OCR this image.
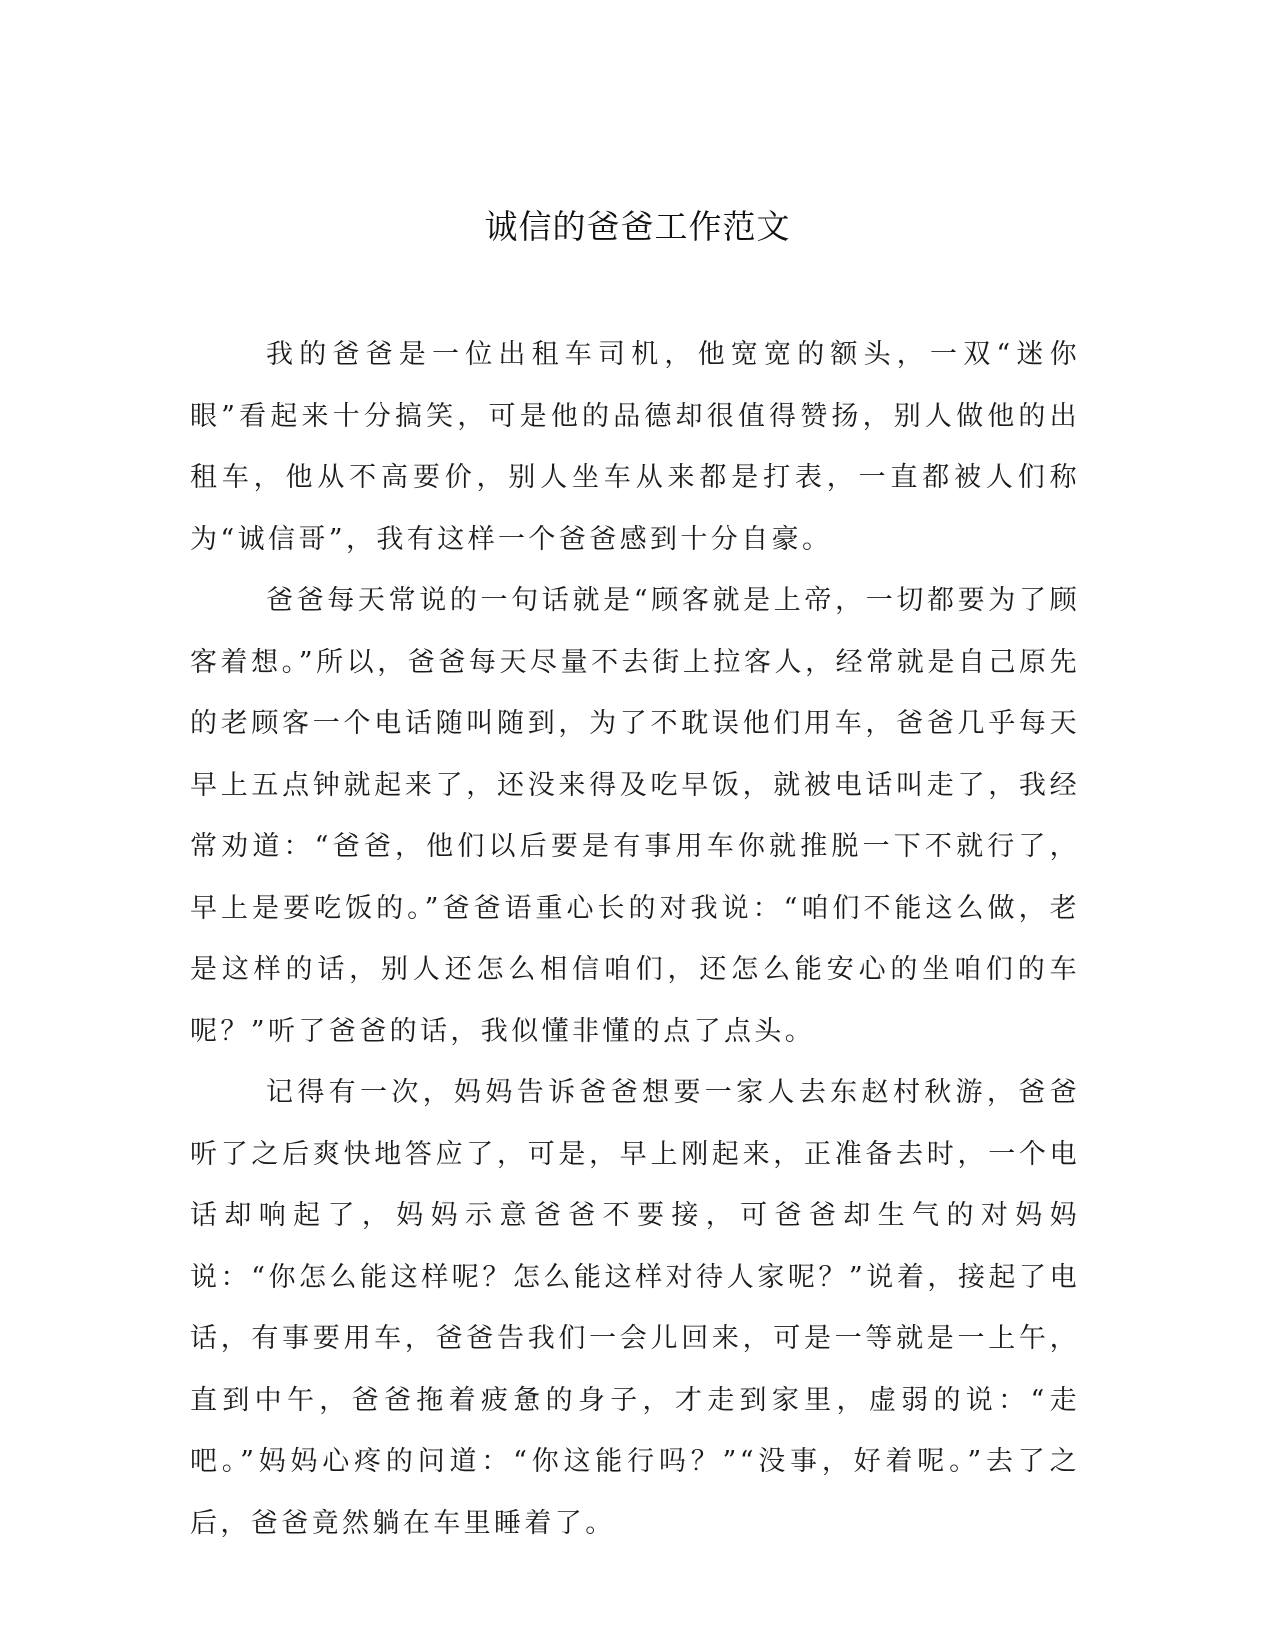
诚信的爸爸工作范文

我的爸爸是一位出租车司机，他宽宽的额头，一双“迷你眼”看起来十分搞笑，可是他的品德却很值得赞扬，别人做他的出租车，他从不高要价，别人坐车从来都是打表，一直都被人们称为“诚信哥”，我有这样一个爸爸感到十分自豪。

爸爸每天常说的一句话就是“顾客就是上帝，一切都要为了顾客着想。”所以，爸爸每天尽量不去街上拉客人，经常就是自己原先的老顾客一个电话随叫随到，为了不耽误他们用车，爸爸几乎每天早上五点钟就起来了，还没来得及吃早饭，就被电话叫走了，我经常劝道：“爸爸，他们以后要是有事用车你就推脱一下不就行了，早上是要吃饭的。”爸爸语重心长的对我说：“咱们不能这么做，老是这样的话，别人还怎么相信咱们，还怎么能安心的坐咱们的车呢？”听了爸爸的话，我似懂非懂的点了点头。

记得有一次，妈妈告诉爸爸想要一家人去东赵村秋游，爸爸听了之后爽快地答应了，可是，早上刚起来，正准备去时，一个电话却响起了，妈妈示意爸爸不要接，可爸爸却生气的对妈妈说：“你怎么能这样呢？怎么能这样对待人家呢？”说着，接起了电话，有事要用车，爸爸告我们一会儿回来，可是一等就是一上午，直到中午，爸爸拖着疲惫的身子，才走到家里，虚弱的说：“走吧。”妈妈心疼的问道：“你这能行吗？”“没事，好着呢。”去了之后，爸爸竟然躺在车里睡着了。
